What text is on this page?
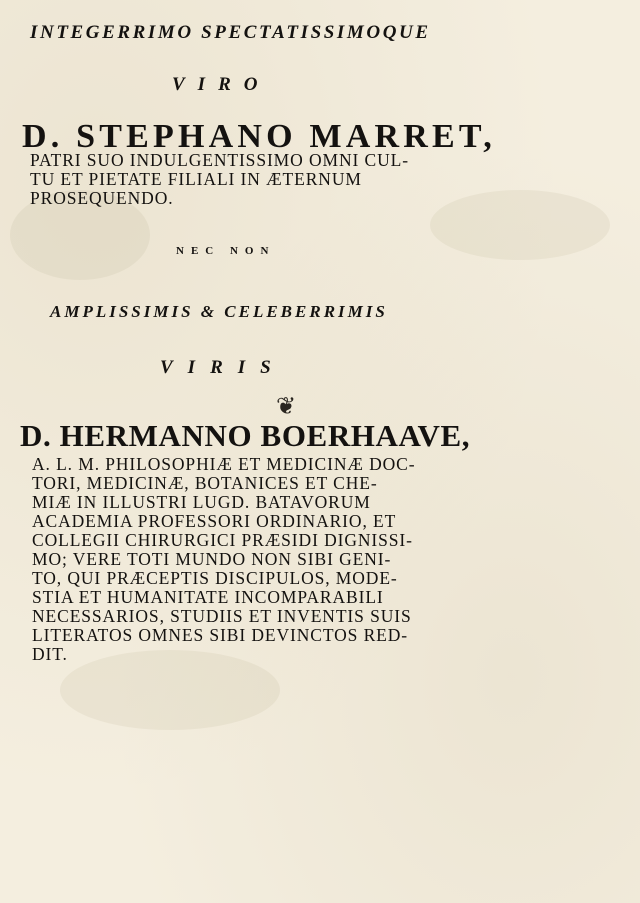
INTEGERRIMO SPECTATISSIMOQUE

VIRO

D. STEPHANO MARRET,

PATRI SUO INDULGENTISSIMO OMNI CUL-

TU ET PIETATE FILIALI IN ÆTERNUM

PROSEQUENDO.

NEC NON

AMPLISSIMIS & CELEBERRIMIS

VIRIS

❦

D. HERMANNO BOERHAAVE,

A. L. M. PHILOSOPHIÆ ET MEDICINÆ DOC-

TORI, MEDICINÆ, BOTANICES ET CHE-

MIÆ IN ILLUSTRI LUGD. BATAVORUM

ACADEMIA PROFESSORI ORDINARIO, ET

COLLEGII CHIRURGICI PRÆSIDI DIGNISSI-

MO; VERE TOTI MUNDO NON SIBI GENI-

TO, QUI PRÆCEPTIS DISCIPULOS, MODE-

STIA ET HUMANITATE INCOMPARABILI

NECESSARIOS, STUDIIS ET INVENTIS SUIS

LITERATOS OMNES SIBI DEVINCTOS RED-

DIT.
